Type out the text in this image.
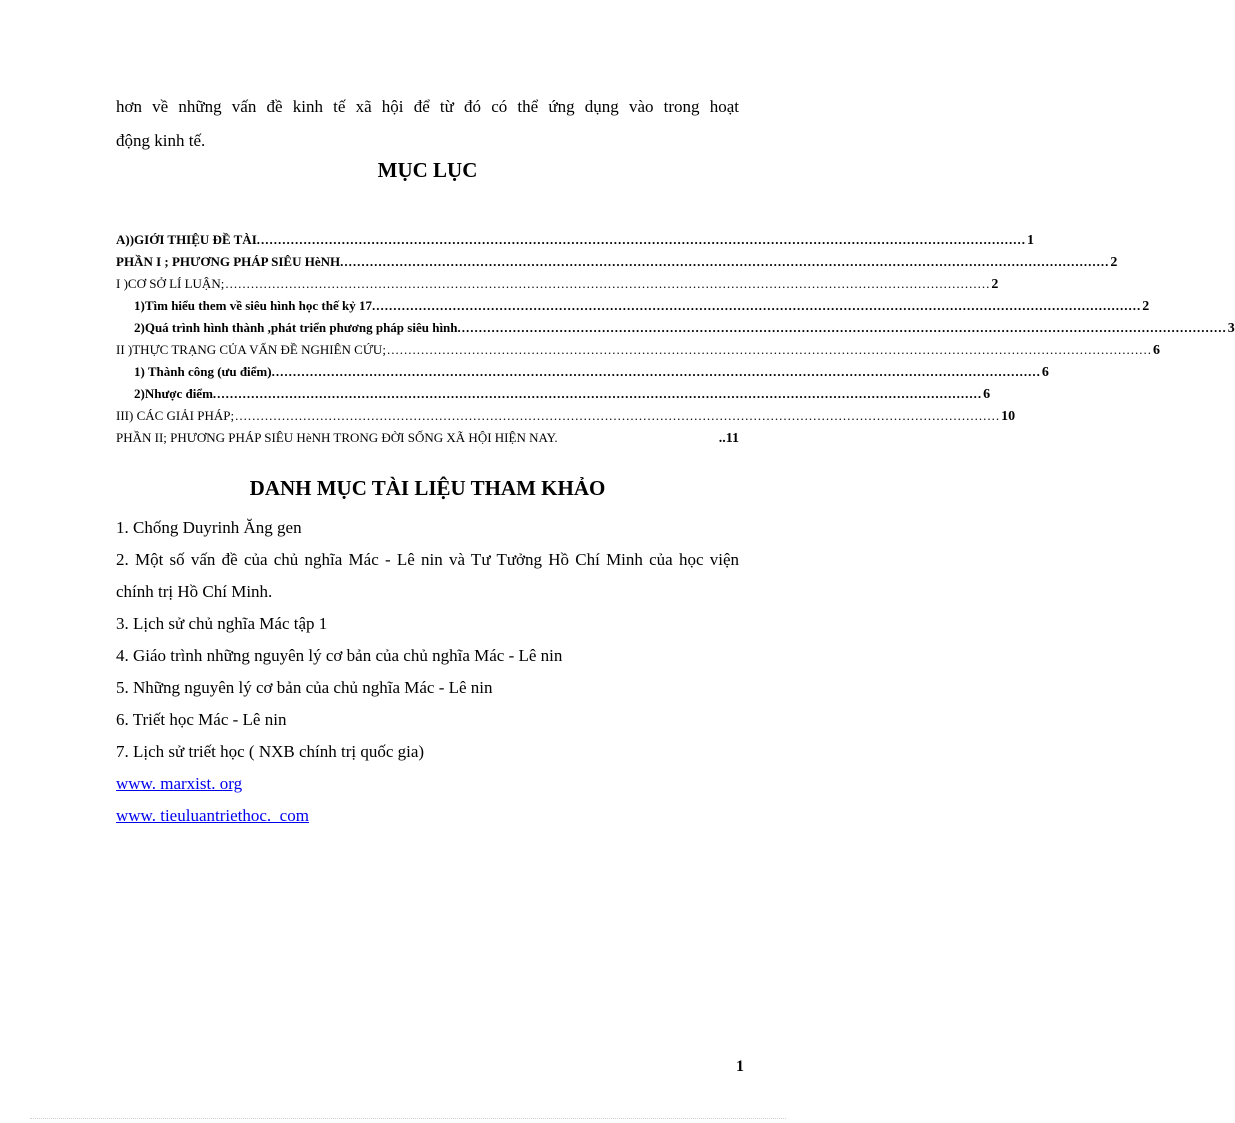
hơn về những vấn đề kinh tế xã hội để từ đó có thể ứng dụng vào trong hoạt
động kinh tế.

MỤC LỤC
A))GIỚI THIỆU ĐỀ TÀI. .................................................................................................................................................................................... 1
PHẦN I ; PHƯƠNG PHÁP SIÊU HèNH. .................................................................................................................................................................................... 2
I )CƠ SỞ LÍ LUẬN; .................................................................................................................................................................................... 2
1)Tìm hiểu them về siêu hình học thế kỷ 17. .................................................................................................................................................................................... 2
2)Quá trình hình thành ,phát triển phương pháp siêu hình. .................................................................................................................................................................................... 3
II )THỰC TRẠNG CỦA VẤN ĐỀ NGHIÊN CỨU; .................................................................................................................................................................................... 6
1) Thành công (ưu điểm). .................................................................................................................................................................................... 6
2)Nhược điểm. .................................................................................................................................................................................... 6
III) CÁC GIẢI PHÁP; .................................................................................................................................................................................... 10
PHẦN II; PHƯƠNG PHÁP SIÊU HèNH TRONG ĐỜI SỐNG XÃ HỘI HIỆN NAY.	..11
DANH MỤC TÀI LIỆU THAM KHẢO

1. Chống Duyrinh Ăng gen

2. Một số vấn đề của chủ nghĩa Mác - Lê nin và Tư Tưởng Hồ Chí Minh của học viện chính trị Hồ Chí Minh.

3. Lịch sử chủ nghĩa Mác tập 1

4. Giáo trình những nguyên lý cơ bản của chủ nghĩa Mác - Lê nin

5. Những nguyên lý cơ bản của chủ nghĩa Mác - Lê nin

6. Triết học Mác - Lê nin

7. Lịch sử triết học ( NXB chính trị quốc gia)

www. marxist. org
www. tieuluantriethoc.  com
1
